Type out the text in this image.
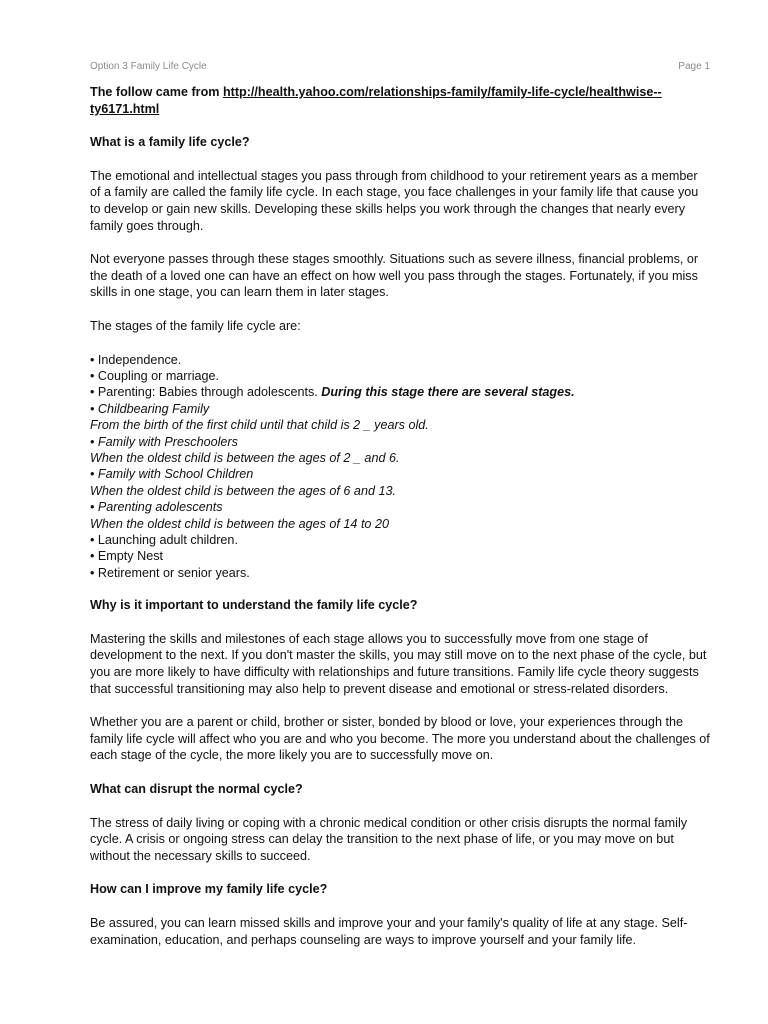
Option 3 Family Life Cycle	Page 1
The follow came from http://health.yahoo.com/relationships-family/family-life-cycle/healthwise--ty6171.html
What is a family life cycle?
The emotional and intellectual stages you pass through from childhood to your retirement years as a member of a family are called the family life cycle. In each stage, you face challenges in your family life that cause you to develop or gain new skills. Developing these skills helps you work through the changes that nearly every family goes through.
Not everyone passes through these stages smoothly. Situations such as severe illness, financial problems, or the death of a loved one can have an effect on how well you pass through the stages. Fortunately, if you miss skills in one stage, you can learn them in later stages.
The stages of the family life cycle are:
• Independence.
• Coupling or marriage.
• Parenting: Babies through adolescents. During this stage there are several stages.
• Childbearing Family
From the birth of the first child until that child is 2 _ years old.
• Family with Preschoolers
When the oldest child is between the ages of 2 _ and 6.
• Family with School Children
When the oldest child is between the ages of 6 and 13.
• Parenting adolescents
When the oldest child is between the ages of 14 to 20
• Launching adult children.
• Empty Nest
• Retirement or senior years.
Why is it important to understand the family life cycle?
Mastering the skills and milestones of each stage allows you to successfully move from one stage of development to the next. If you don't master the skills, you may still move on to the next phase of the cycle, but you are more likely to have difficulty with relationships and future transitions. Family life cycle theory suggests that successful transitioning may also help to prevent disease and emotional or stress-related disorders.
Whether you are a parent or child, brother or sister, bonded by blood or love, your experiences through the family life cycle will affect who you are and who you become. The more you understand about the challenges of each stage of the cycle, the more likely you are to successfully move on.
What can disrupt the normal cycle?
The stress of daily living or coping with a chronic medical condition or other crisis disrupts the normal family cycle. A crisis or ongoing stress can delay the transition to the next phase of life, or you may move on but without the necessary skills to succeed.
How can I improve my family life cycle?
Be assured, you can learn missed skills and improve your and your family's quality of life at any stage. Self-examination, education, and perhaps counseling are ways to improve yourself and your family life.
